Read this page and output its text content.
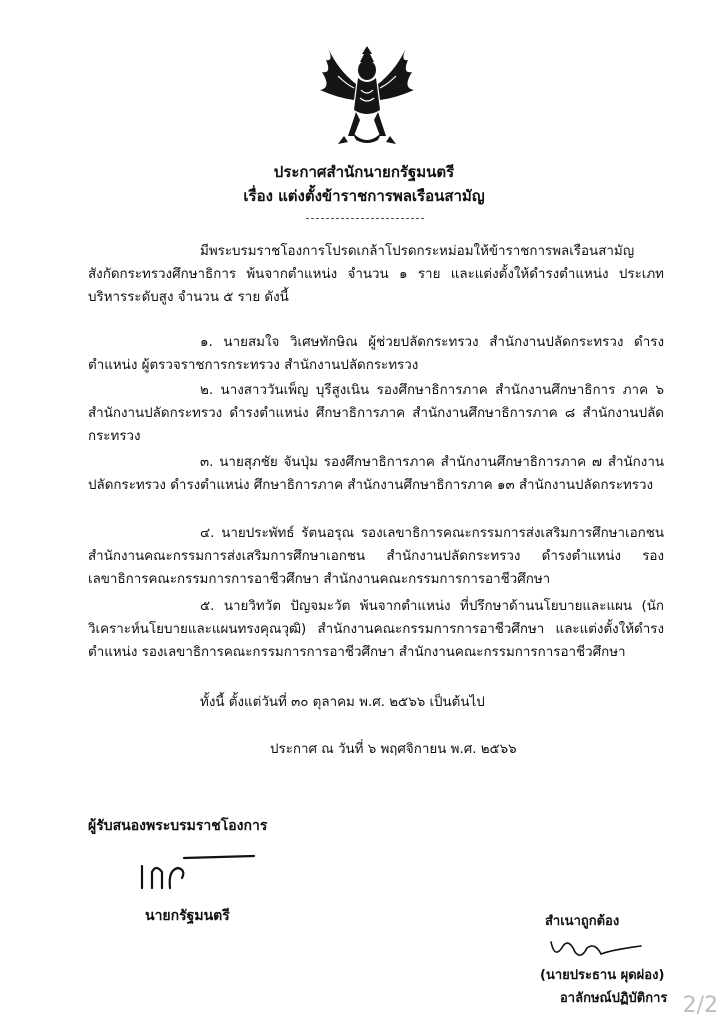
ประกาศสำนักนายกรัฐมนตรี
เรื่อง แต่งตั้งข้าราชการพลเรือนสามัญ
มีพระบรมราชโองการโปรดเกล้าโปรดกระหม่อมให้ข้าราชการพลเรือนสามัญ สังกัดกระทรวงศึกษาธิการ พ้นจากตำแหน่ง จำนวน ๑ ราย และแต่งตั้งให้ดำรงตำแหน่ง ประเภทบริหารระดับสูง จำนวน ๕ ราย ดังนี้
๑. นายสมใจ วิเศษทักษิณ ผู้ช่วยปลัดกระทรวง สำนักงานปลัดกระทรวง ดำรงตำแหน่ง ผู้ตรวจราชการกระทรวง สำนักงานปลัดกระทรวง
๒. นางสาววันเพ็ญ บุรีสูงเนิน รองศึกษาธิการภาค สำนักงานศึกษาธิการ ภาค ๖ สำนักงานปลัดกระทรวง ดำรงตำแหน่ง ศึกษาธิการภาค สำนักงานศึกษาธิการภาค ๘ สำนักงานปลัดกระทรวง
๓. นายสุภชัย จันปุ่ม รองศึกษาธิการภาค สำนักงานศึกษาธิการภาค ๗ สำนักงานปลัดกระทรวง ดำรงตำแหน่ง ศึกษาธิการภาค สำนักงานศึกษาธิการภาค ๑๓ สำนักงานปลัดกระทรวง
๔. นายประพัทธ์ รัตนอรุณ รองเลขาธิการคณะกรรมการส่งเสริมการศึกษาเอกชน สำนักงานคณะกรรมการส่งเสริมการศึกษาเอกชน สำนักงานปลัดกระทรวง ดำรงตำแหน่ง รองเลขาธิการคณะกรรมการการอาชีวศึกษา สำนักงานคณะกรรมการการอาชีวศึกษา
๕. นายวิทวัต ปัญจมะวัต พ้นจากตำแหน่ง ที่ปรึกษาด้านนโยบายและแผน (นักวิเคราะห์นโยบายและแผนทรงคุณวุฒิ) สำนักงานคณะกรรมการการอาชีวศึกษา และแต่งตั้งให้ดำรงตำแหน่ง รองเลขาธิการคณะกรรมการการอาชีวศึกษา สำนักงานคณะกรรมการการอาชีวศึกษา
ทั้งนี้ ตั้งแต่วันที่ ๓๐ ตุลาคม พ.ศ. ๒๕๖๖ เป็นต้นไป
ประกาศ ณ วันที่ ๖ พฤศจิกายน พ.ศ. ๒๕๖๖
ผู้รับสนองพระบรมราชโองการ
นายกรัฐมนตรี	สำเนาถูกต้อง
(นายประธาน ผุดผ่อง)
อาลักษณ์ปฏิบัติการ 2/2
